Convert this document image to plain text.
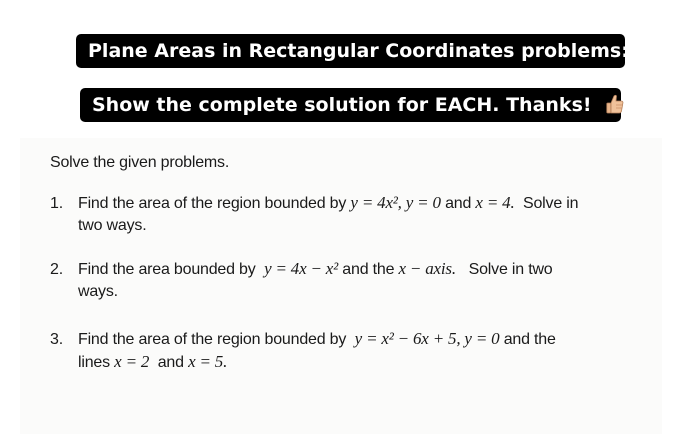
Plane Areas in Rectangular Coordinates problems:
Show the complete solution for EACH. Thanks!
Solve the given problems.
1. Find the area of the region bounded by y = 4x², y = 0 and x = 4. Solve in
two ways.
2. Find the area bounded by y = 4x − x² and the x − axis. Solve in two
ways.
3. Find the area of the region bounded by y = x² − 6x + 5, y = 0 and the
lines x = 2 and x = 5.
